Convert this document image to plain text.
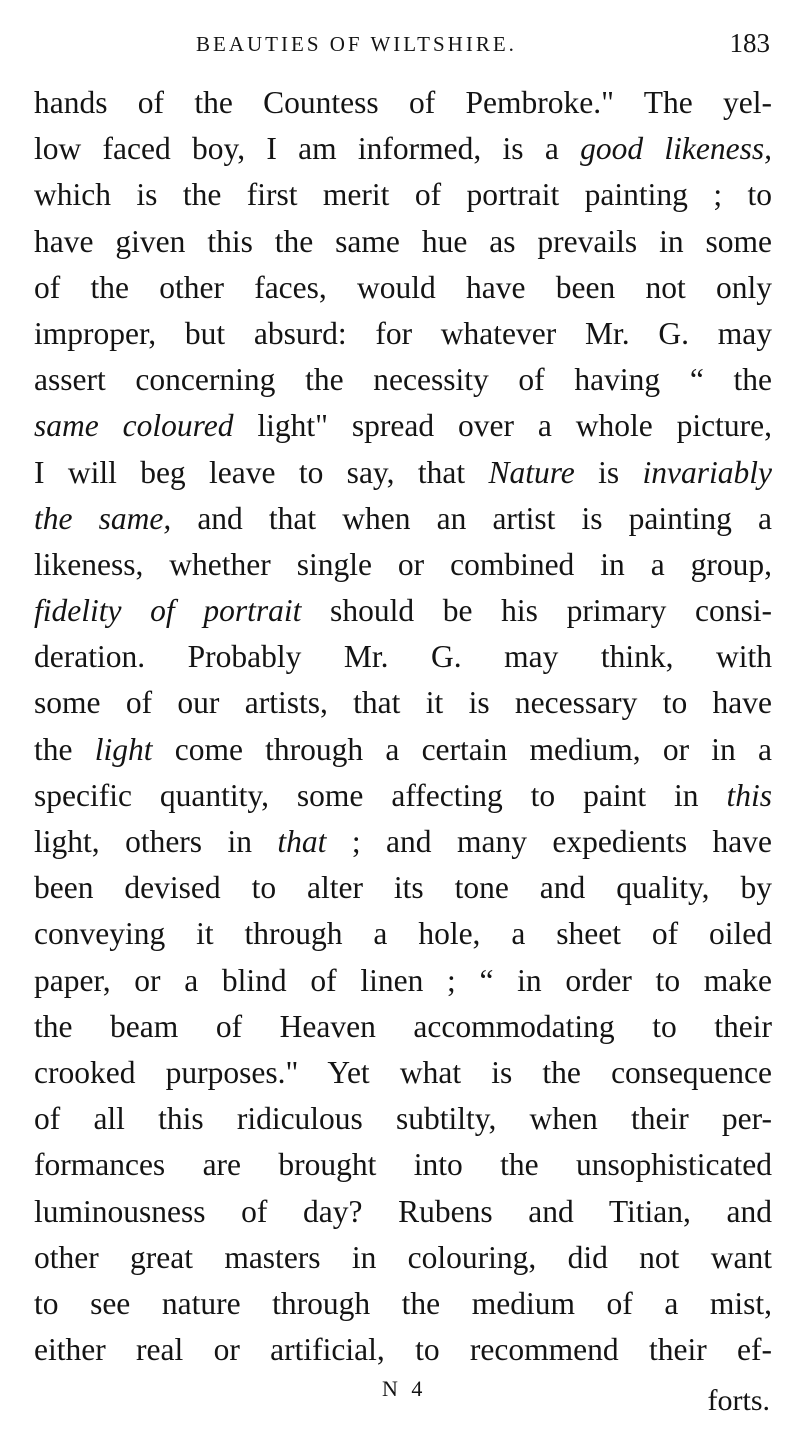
BEAUTIES OF WILTSHIRE.	183
hands of the Countess of Pembroke." The yel-
low faced boy, I am informed, is a good likeness,
which is the first merit of portrait painting ; to
have given this the same hue as prevails in some
of the other faces, would have been not only
improper, but absurd: for whatever Mr. G. may
assert concerning the necessity of having “ the
same coloured light" spread over a whole picture,
I will beg leave to say, that Nature is invariably
the same, and that when an artist is painting a
likeness, whether single or combined in a group,
fidelity of portrait should be his primary consi-
deration. Probably Mr. G. may think, with
some of our artists, that it is necessary to have
the light come through a certain medium, or in a
specific quantity, some affecting to paint in this
light, others in that ; and many expedients have
been devised to alter its tone and quality, by
conveying it through a hole, a sheet of oiled
paper, or a blind of linen ; “ in order to make
the beam of Heaven accommodating to their
crooked purposes." Yet what is the consequence
of all this ridiculous subtilty, when their per-
formances are brought into the unsophisticated
luminousness of day? Rubens and Titian, and
other great masters in colouring, did not want
to see nature through the medium of a mist,
either real or artificial, to recommend their ef-
N 4	forts.
